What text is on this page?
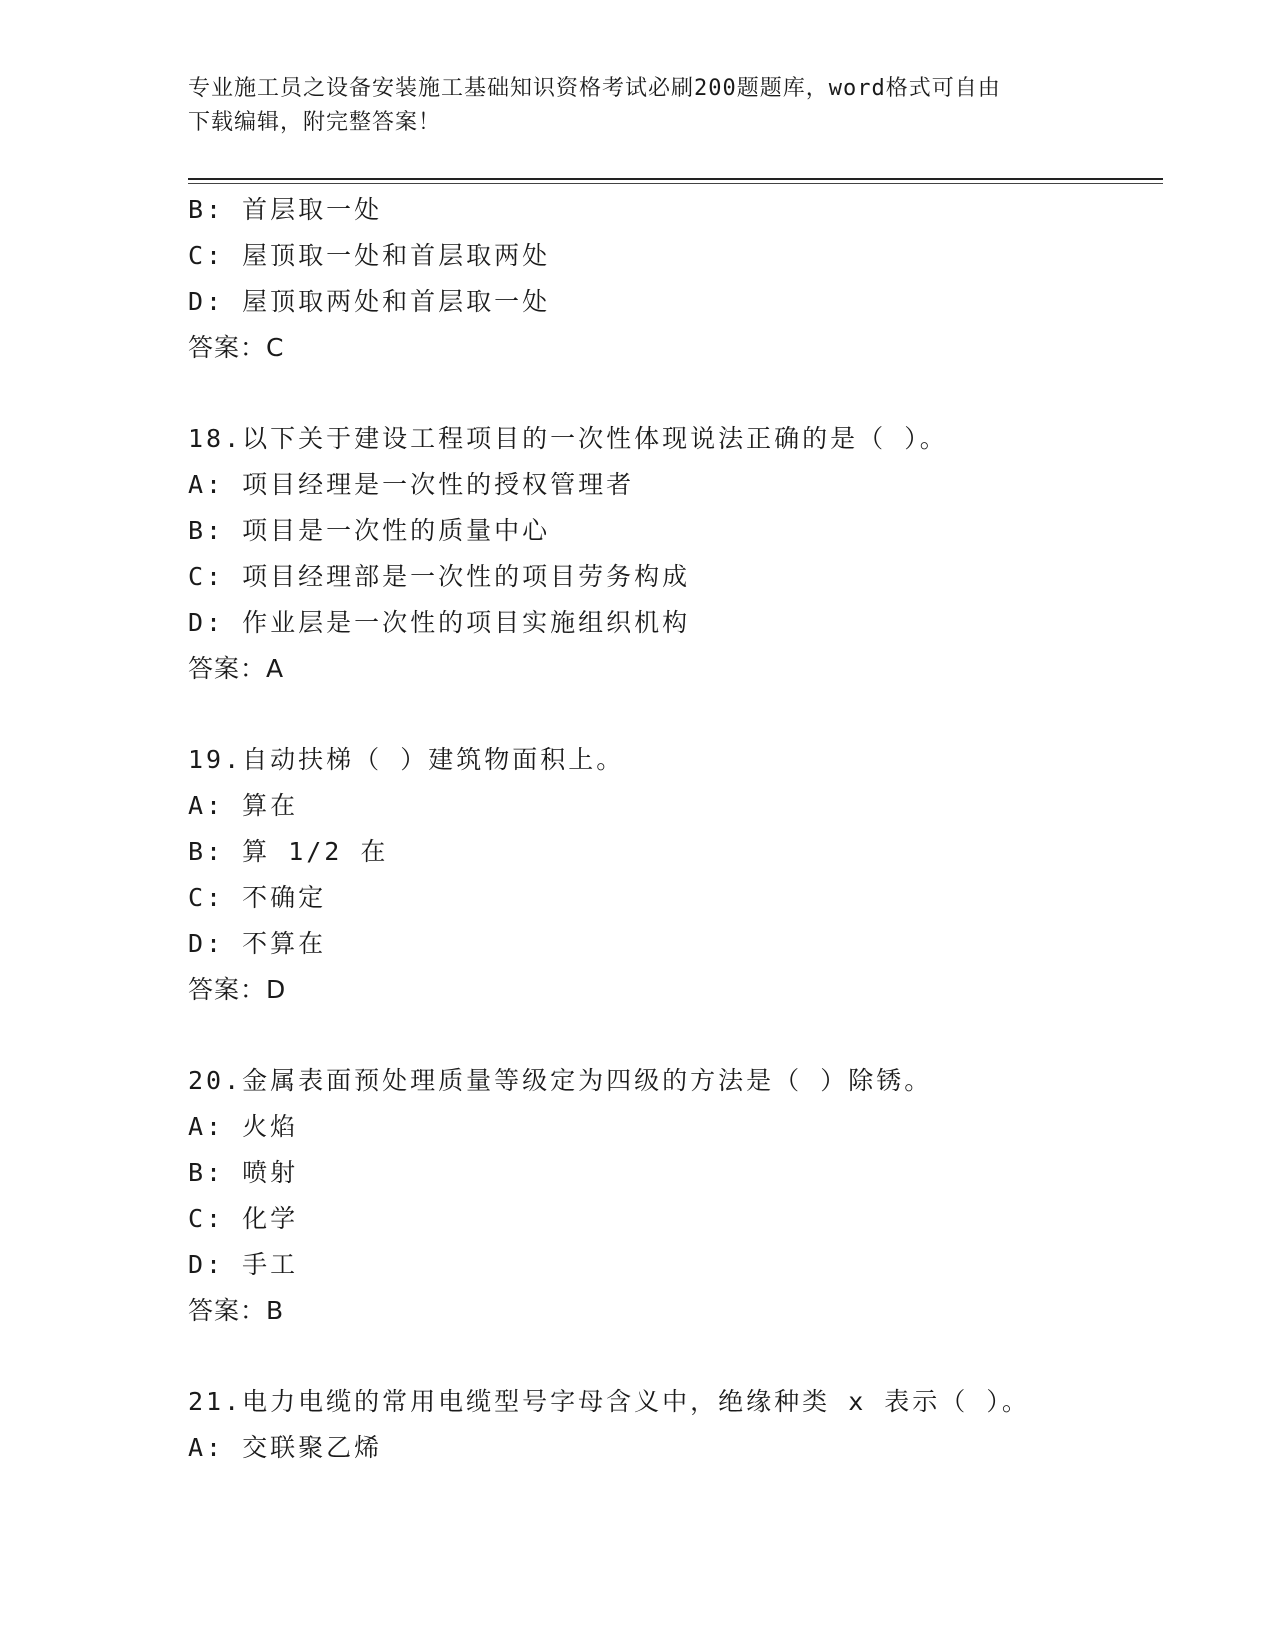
专业施工员之设备安装施工基础知识资格考试必刷200题题库，word格式可自由
下载编辑，附完整答案！
B: 首层取一处
C: 屋顶取一处和首层取两处
D: 屋顶取两处和首层取一处
答案：C
18.以下关于建设工程项目的一次性体现说法正确的是（ ）。
A: 项目经理是一次性的授权管理者
B: 项目是一次性的质量中心
C: 项目经理部是一次性的项目劳务构成
D: 作业层是一次性的项目实施组织机构
答案：A
19.自动扶梯（ ）建筑物面积上。
A: 算在
B: 算 1/2 在
C: 不确定
D: 不算在
答案：D
20.金属表面预处理质量等级定为四级的方法是（ ）除锈。
A: 火焰
B: 喷射
C: 化学
D: 手工
答案：B
21.电力电缆的常用电缆型号字母含义中，绝缘种类 x 表示（ ）。
A: 交联聚乙烯
